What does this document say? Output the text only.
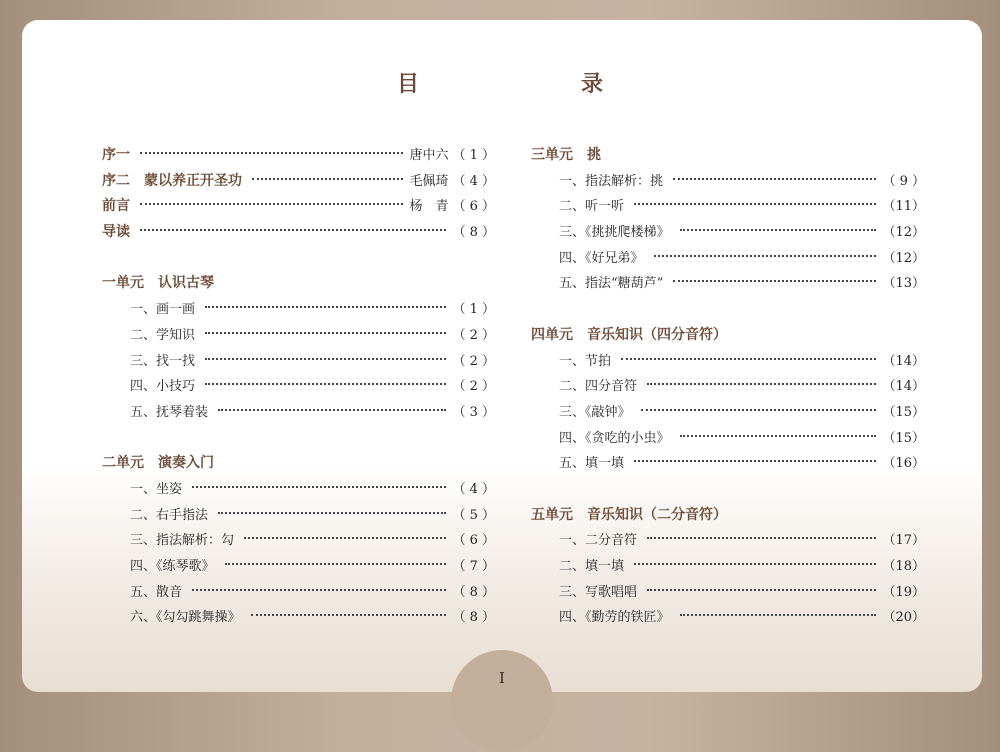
目　录
序一	唐中六 （ 1 ）
序二　蒙以养正开圣功	毛佩琦 （ 4 ）
前言	杨　青 （ 6 ）
导读	（ 8 ）
一单元　认识古琴
一、画一画	（ 1 ）
二、学知识	（ 2 ）
三、找一找	（ 2 ）
四、小技巧	（ 2 ）
五、抚琴着装	（ 3 ）
二单元　演奏入门
一、坐姿	（ 4 ）
二、右手指法	（ 5 ）
三、指法解析：勾	（ 6 ）
四、《练琴歌》	（ 7 ）
五、散音	（ 8 ）
六、《勾勾跳舞操》	（ 8 ）
三单元　挑
一、指法解析：挑	（ 9 ）
二、听一听	（11）
三、《挑挑爬楼梯》	（12）
四、《好兄弟》	（12）
五、指法“糖葫芦”	（13）
四单元　音乐知识（四分音符）
一、节拍	（14）
二、四分音符	（14）
三、《敲钟》	（15）
四、《贪吃的小虫》	（15）
五、填一填	（16）
五单元　音乐知识（二分音符）
一、二分音符	（17）
二、填一填	（18）
三、写歌唱唱	（19）
四、《勤劳的铁匠》	（20）
I
